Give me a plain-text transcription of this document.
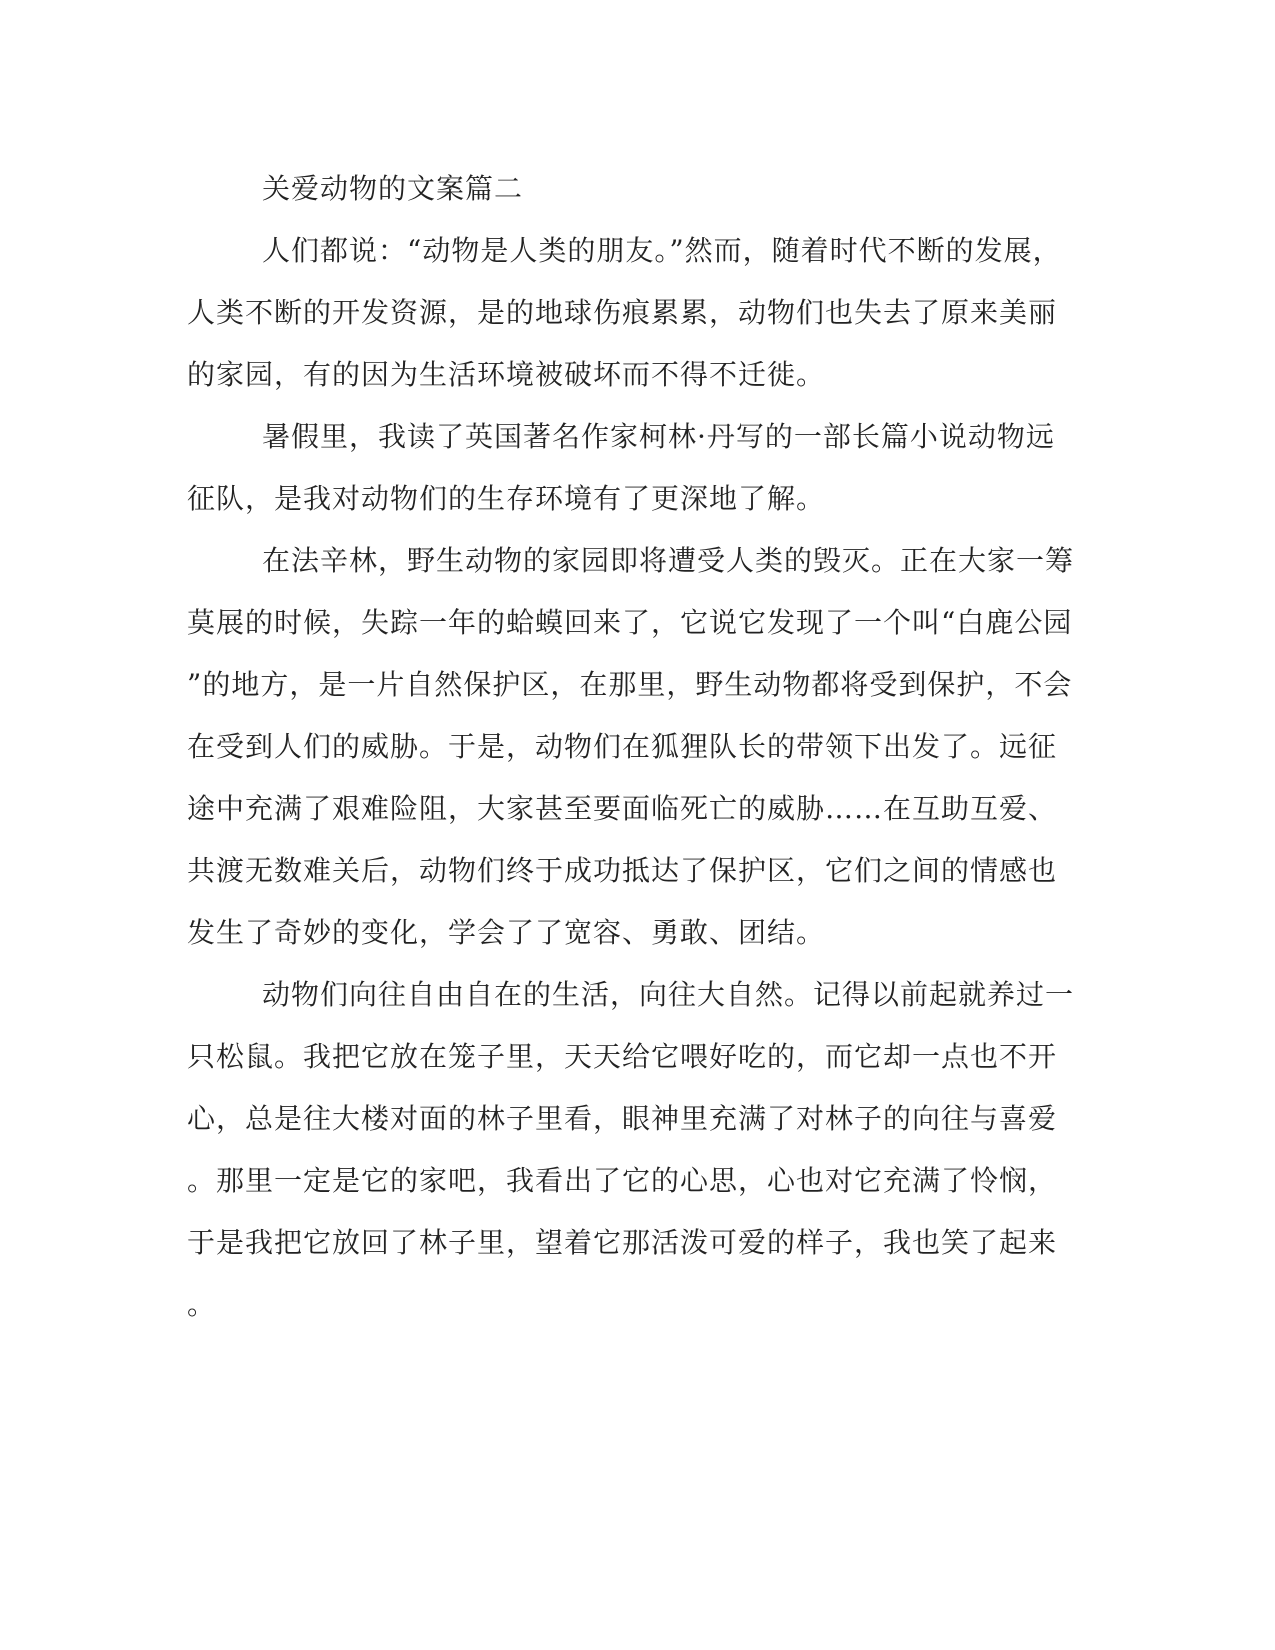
关爱动物的文案篇二
人们都说：“动物是人类的朋友。”然而，随着时代不断的发展，
人类不断的开发资源，是的地球伤痕累累，动物们也失去了原来美丽
的家园，有的因为生活环境被破坏而不得不迁徙。
暑假里，我读了英国著名作家柯林·丹写的一部长篇小说动物远
征队，是我对动物们的生存环境有了更深地了解。
在法辛林，野生动物的家园即将遭受人类的毁灭。正在大家一筹
莫展的时候，失踪一年的蛤蟆回来了，它说它发现了一个叫“白鹿公园
”的地方，是一片自然保护区，在那里，野生动物都将受到保护，不会
在受到人们的威胁。于是，动物们在狐狸队长的带领下出发了。远征
途中充满了艰难险阻，大家甚至要面临死亡的威胁……在互助互爱、
共渡无数难关后，动物们终于成功抵达了保护区，它们之间的情感也
发生了奇妙的变化，学会了了宽容、勇敢、团结。
动物们向往自由自在的生活，向往大自然。记得以前起就养过一
只松鼠。我把它放在笼子里，天天给它喂好吃的，而它却一点也不开
心，总是往大楼对面的林子里看，眼神里充满了对林子的向往与喜爱
。那里一定是它的家吧，我看出了它的心思，心也对它充满了怜悯，
于是我把它放回了林子里，望着它那活泼可爱的样子，我也笑了起来
。
